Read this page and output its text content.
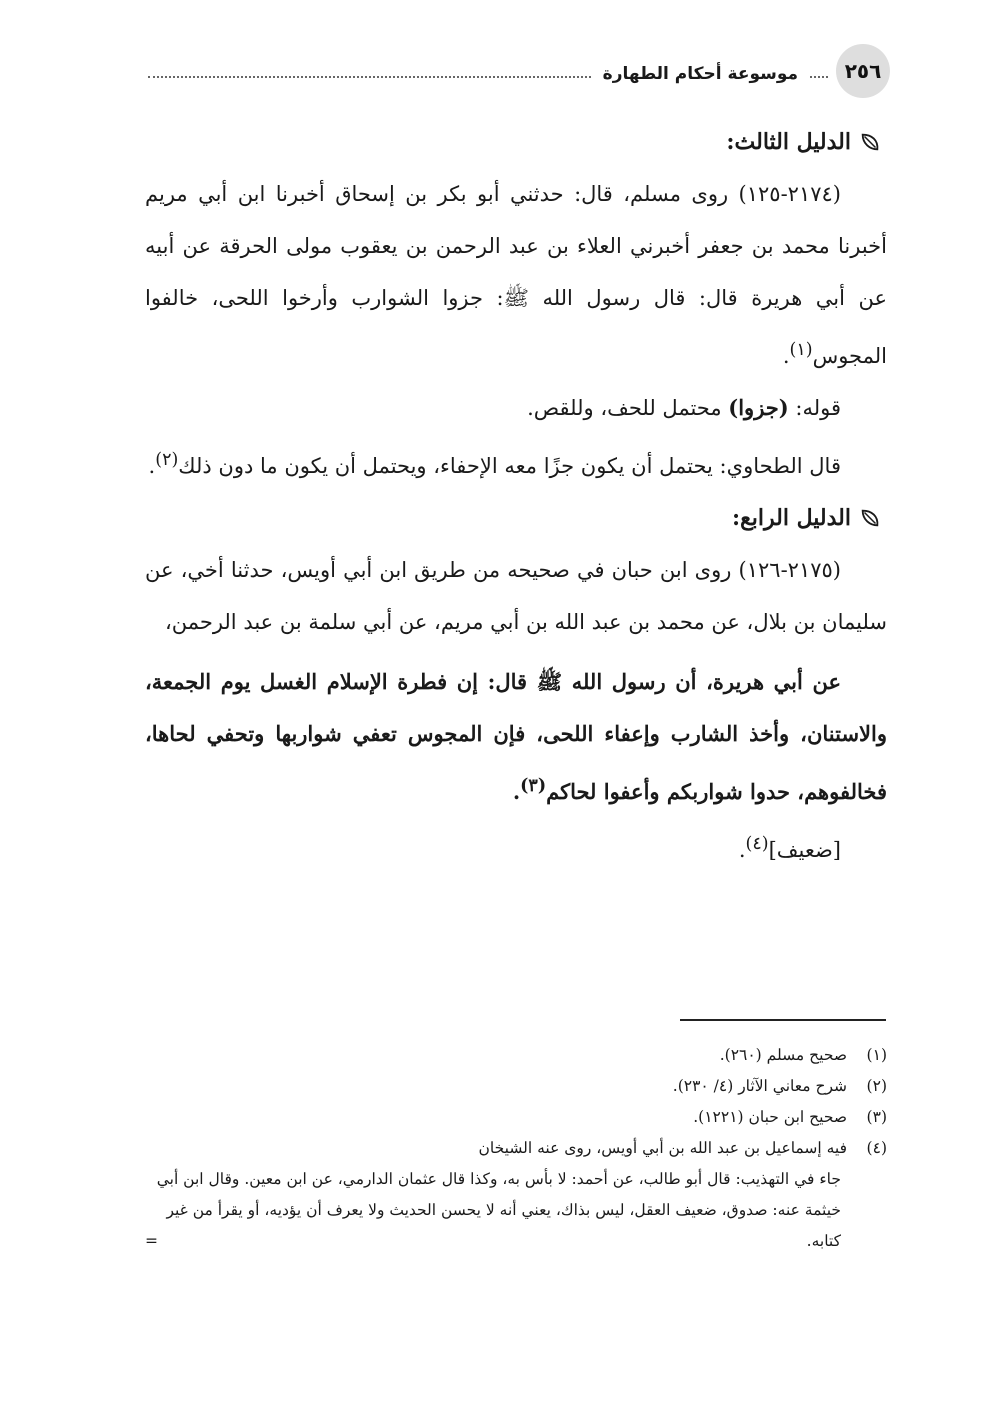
٢٥٦
موسوعة أحكام الطهارة

الدليل الثالث:

(٢١٧٤-١٢٥) روى مسلم، قال: حدثني أبو بكر بن إسحاق أخبرنا ابن أبي مريم أخبرنا محمد بن جعفر أخبرني العلاء بن عبد الرحمن بن يعقوب مولى الحرقة عن أبيه عن أبي هريرة قال: قال رسول الله ﷺ: جزوا الشوارب وأرخوا اللحى، خالفوا المجوس$^{(١)}$.

قوله: (جزوا) محتمل للحف، وللقص.

قال الطحاوي: يحتمل أن يكون جزًا معه الإحفاء، ويحتمل أن يكون ما دون ذلك$^{(٢)}$.

الدليل الرابع:

(٢١٧٥-١٢٦) روى ابن حبان في صحيحه من طريق ابن أبي أويس، حدثنا أخي، عن سليمان بن بلال، عن محمد بن عبد الله بن أبي مريم، عن أبي سلمة بن عبد الرحمن،

عن أبي هريرة، أن رسول الله ﷺ قال: إن فطرة الإسلام الغسل يوم الجمعة، والاستنان، وأخذ الشارب وإعفاء اللحى، فإن المجوس تعفي شواربها وتحفي لحاها، فخالفوهم، حدوا شواربكم وأعفوا لحاكم$^{(٣)}$.

[ضعيف]$^{(٤)}$.

(١)
صحيح مسلم (٢٦٠).
(٢)
شرح معاني الآثار (٤/ ٢٣٠).
(٣)
صحيح ابن حبان (١٢٢١).
(٤)
فيه إسماعيل بن عبد الله بن أبي أويس، روى عنه الشيخان
جاء في التهذيب: قال أبو طالب، عن أحمد: لا بأس به، وكذا قال عثمان الدارمي، عن ابن معين. وقال ابن أبي خيثمة عنه: صدوق، ضعيف العقل، ليس بذاك، يعني أنه لا يحسن الحديث ولا يعرف أن يؤديه، أو يقرأ من غير كتابه.
=
